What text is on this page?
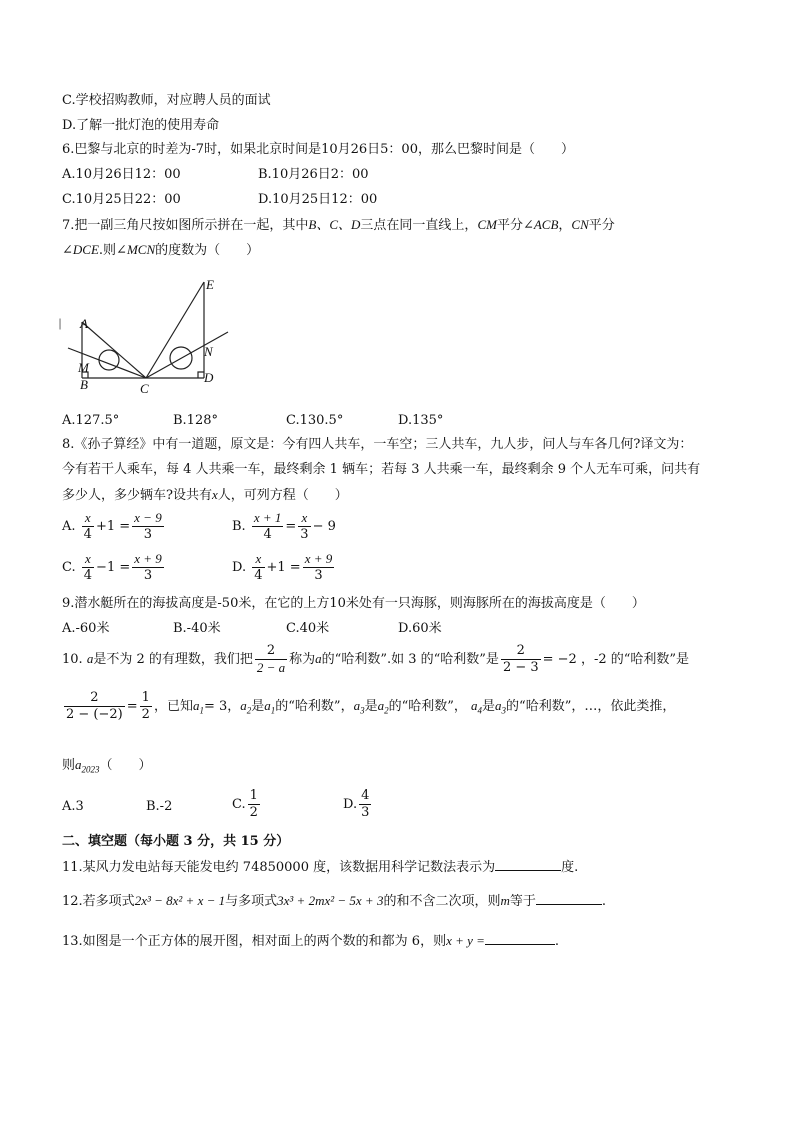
C.学校招购教师，对应聘人员的面试
D.了解一批灯泡的使用寿命
6.巴黎与北京的时差为-7时，如果北京时间是10月26日5：00，那么巴黎时间是（　　）
A.10月26日12：00	B.10月26日2：00
C.10月25日22：00	D.10月25日12：00
7.把一副三角尺按如图所示拼在一起，其中B、C、D三点在同一直线上，CM平分∠ACB，CN平分
∠DCE.则∠MCN的度数为（　　）
| A
M
B	C
E
N
D
A.127.5°	B.128°	C.130.5°	D.135°
8.《孙子算经》中有一道题，原文是：今有四人共车，一车空；三人共车，九人步，问人与车各几何?译文为：
今有若干人乘车，每 4 人共乘一车，最终剩余 1 辆车；若每 3 人共乘一车，最终剩余 9 个人无车可乘，问共有
多少人，多少辆车?设共有x人，可列方程（　　）
A. $\frac{x}{4} +1 = \frac{x - 9}{3}$	B. $\frac{x + 1}{4} = \frac{x}{3} - 9$
C. $\frac{x}{4} -1 = \frac{x + 9}{3}$	D. $\frac{x}{4} +1 = \frac{x + 9}{3}$
9.潜水艇所在的海拔高度是-50米，在它的上方10米处有一只海豚，则海豚所在的海拔高度是（　　）
A.-60米	B.-40米	C.40米	D.60米
10. a是不为 2 的有理数，我们把 $\frac{2}{2 - a}$ 称为a的“哈利数”.如 3 的“哈利数”是 $\frac{2}{2 - 3} = -2$ ，-2 的“哈利数”是
$\frac{2}{2 - (-2)} = \frac{1}{2}$ ，已知$a_1= 3$，$a_2$是$a_1$的“哈利数”，$a_3$是$a_2$的“哈利数”， $a_4$是$a_3$的“哈利数”，…，依此类推，
则$a_{2023}$（　　）
A.3	B.-2	C. $\frac{1}{2}$	D. $\frac{4}{3}$
二、填空题（每小题 3 分，共 15 分）
11.某风力发电站每天能发电约 74850000 度，该数据用科学记数法表示为	度.
12.若多项式2x³ − 8x² + x − 1与多项式3x³ + 2mx² − 5x + 3的和不含二次项，则m等于	.
13.如图是一个正方体的展开图，相对面上的两个数的和都为 6，则x + y =	.
